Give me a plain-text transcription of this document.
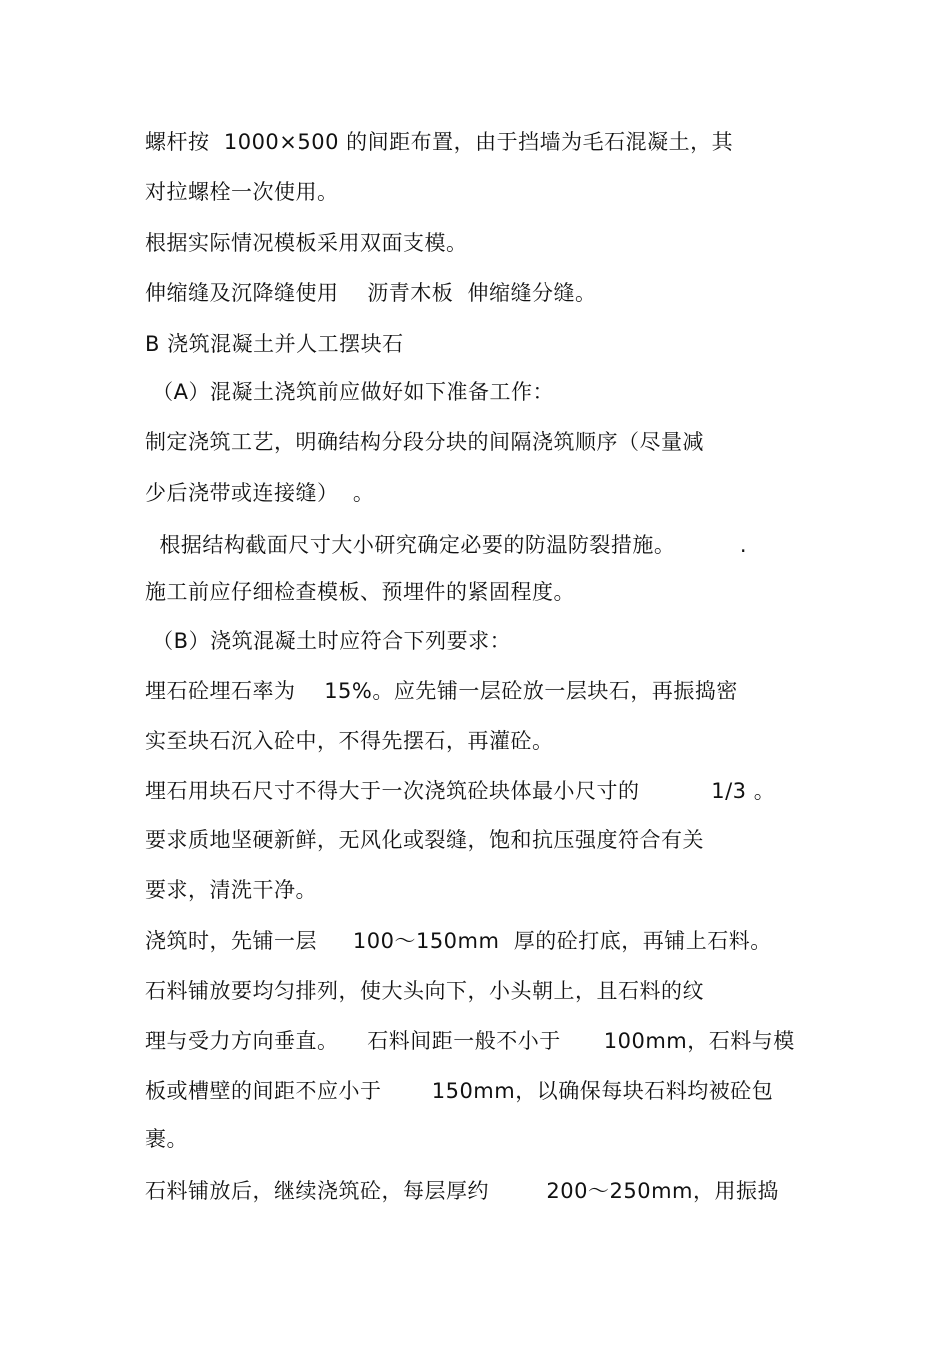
螺杆按  1000×500 的间距布置，由于挡墙为毛石混凝土，其
对拉螺栓一次使用。
根据实际情况模板采用双面支模。
伸缩缝及沉降缝使用    沥青木板  伸缩缝分缝。
B 浇筑混凝土并人工摆块石
（A）混凝土浇筑前应做好如下准备工作：
制定浇筑工艺，明确结构分段分块的间隔浇筑顺序（尽量减
少后浇带或连接缝）  。
根据结构截面尺寸大小研究确定必要的防温防裂措施。         .
施工前应仔细检查模板、预埋件的紧固程度。
（B）浇筑混凝土时应符合下列要求：
埋石砼埋石率为    15%。应先铺一层砼放一层块石，再振捣密
实至块石沉入砼中，不得先摆石，再灌砼。
埋石用块石尺寸不得大于一次浇筑砼块体最小尺寸的          1/3 。
要求质地坚硬新鲜，无风化或裂缝，饱和抗压强度符合有关
要求，清洗干净。
浇筑时，先铺一层     100～150mm  厚的砼打底，再铺上石料。
石料铺放要均匀排列，使大头向下，小头朝上，且石料的纹
理与受力方向垂直。    石料间距一般不小于      100mm，石料与模
板或槽壁的间距不应小于       150mm，以确保每块石料均被砼包
裹。
石料铺放后，继续浇筑砼，每层厚约        200～250mm，用振捣
